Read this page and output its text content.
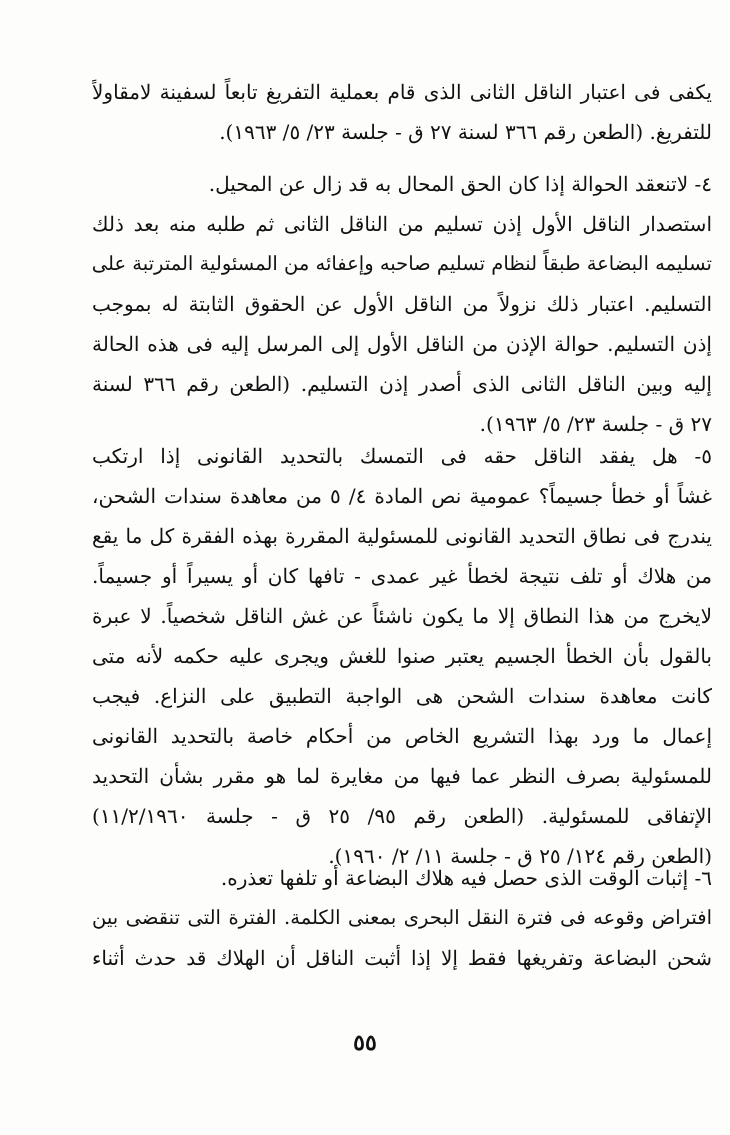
يكفى فى اعتبار الناقل الثانى الذى قام بعملية التفريغ تابعاً لسفينة لامقاولاً
للتفريغ. (الطعن رقم ٣٦٦ لسنة ٢٧ ق - جلسة ٢٣/ ٥/ ١٩٦٣).
٤- لاتنعقد الحوالة إذا كان الحق المحال به قد زال عن المحيل.
استصدار الناقل الأول إذن تسليم من الناقل الثانى ثم طلبه منه بعد ذلك
تسليمه البضاعة طبقاً لنظام تسليم صاحبه وإعفائه من المسئولية المترتبة على
التسليم. اعتبار ذلك نزولاً من الناقل الأول عن الحقوق الثابتة له بموجب
إذن التسليم. حوالة الإذن من الناقل الأول إلى المرسل إليه فى هذه الحالة
إليه وبين الناقل الثانى الذى أصدر إذن التسليم. (الطعن رقم ٣٦٦ لسنة
٢٧ ق - جلسة ٢٣/ ٥/ ١٩٦٣).
٥- هل يفقد الناقل حقه فى التمسك بالتحديد القانونى إذا ارتكب
غشاً أو خطأ جسيماً؟ عمومية نص المادة ٤/ ٥ من معاهدة سندات الشحن،
يندرج فى نطاق التحديد القانونى للمسئولية المقررة بهذه الفقرة كل ما يقع
من هلاك أو تلف نتيجة لخطأ غير عمدى - تافها كان أو يسيراً أو جسيماً.
لايخرج من هذا النطاق إلا ما يكون ناشئاً عن غش الناقل شخصياً. لا عبرة
بالقول بأن الخطأ الجسيم يعتبر صنوا للغش ويجرى عليه حكمه لأنه متى
كانت معاهدة سندات الشحن هى الواجبة التطبيق على النزاع. فيجب
إعمال ما ورد بهذا التشريع الخاص من أحكام خاصة بالتحديد القانونى
للمسئولية بصرف النظر عما فيها من مغايرة لما هو مقرر بشأن التحديد
الإتفاقى للمسئولية. (الطعن رقم ٩٥/ ٢٥ ق - جلسة ١١/٢/١٩٦٠)
(الطعن رقم ١٢٤/ ٢٥ ق - جلسة ١١/ ٢/ ١٩٦٠).
٦- إثبات الوقت الذى حصل فيه هلاك البضاعة أو تلفها تعذره.
افتراض وقوعه فى فترة النقل البحرى بمعنى الكلمة. الفترة التى تنقضى بين
شحن البضاعة وتفريغها فقط إلا إذا أثبت الناقل أن الهلاك قد حدث أثناء
٥٥
